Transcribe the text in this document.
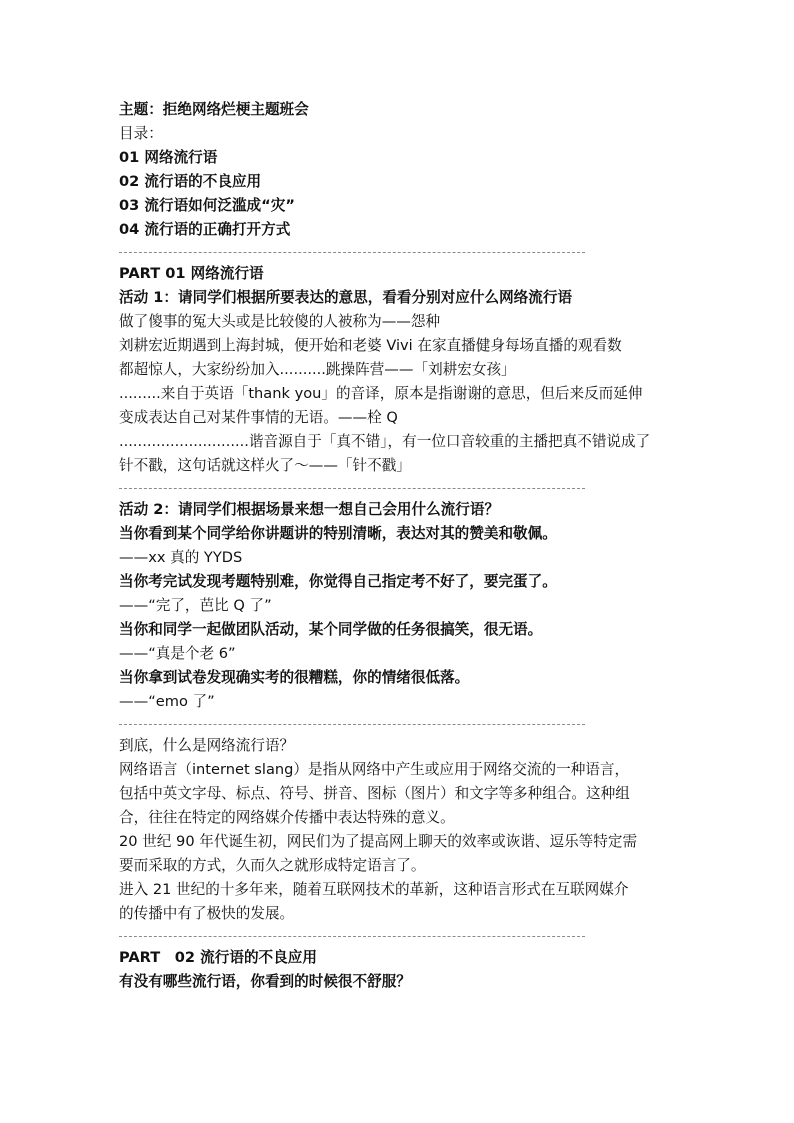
主题：拒绝网络烂梗主题班会
目录：
01 网络流行语
02 流行语的不良应用
03 流行语如何泛滥成“灾”
04 流行语的正确打开方式
PART 01 网络流行语
活动 1：请同学们根据所要表达的意思，看看分别对应什么网络流行语
做了傻事的冤大头或是比较傻的人被称为——怨种
刘耕宏近期遇到上海封城，便开始和老婆 Vivi 在家直播健身每场直播的观看数
都超惊人，大家纷纷加入..........跳操阵营——「刘耕宏女孩」
.........来自于英语「thank you」的音译，原本是指谢谢的意思，但后来反而延伸
变成表达自己对某件事情的无语。——栓 Q
............................谐音源自于「真不错」，有一位口音较重的主播把真不错说成了
针不戳，这句话就这样火了～——「针不戳」
活动 2：请同学们根据场景来想一想自己会用什么流行语？
当你看到某个同学给你讲题讲的特别清晰，表达对其的赞美和敬佩。
——xx 真的 YYDS
当你考完试发现考题特别难，你觉得自己指定考不好了，要完蛋了。
——“完了，芭比 Q 了”
当你和同学一起做团队活动，某个同学做的任务很搞笑，很无语。
——“真是个老 6”
当你拿到试卷发现确实考的很糟糕，你的情绪很低落。
——“emo 了”
到底，什么是网络流行语？
网络语言（internet slang）是指从网络中产生或应用于网络交流的一种语言，
包括中英文字母、标点、符号、拼音、图标（图片）和文字等多种组合。这种组
合，往往在特定的网络媒介传播中表达特殊的意义。
20 世纪 90 年代诞生初，网民们为了提高网上聊天的效率或诙谐、逗乐等特定需
要而采取的方式，久而久之就形成特定语言了。
进入 21 世纪的十多年来，随着互联网技术的革新，这种语言形式在互联网媒介
的传播中有了极快的发展。
PART　02 流行语的不良应用
有没有哪些流行语，你看到的时候很不舒服？
